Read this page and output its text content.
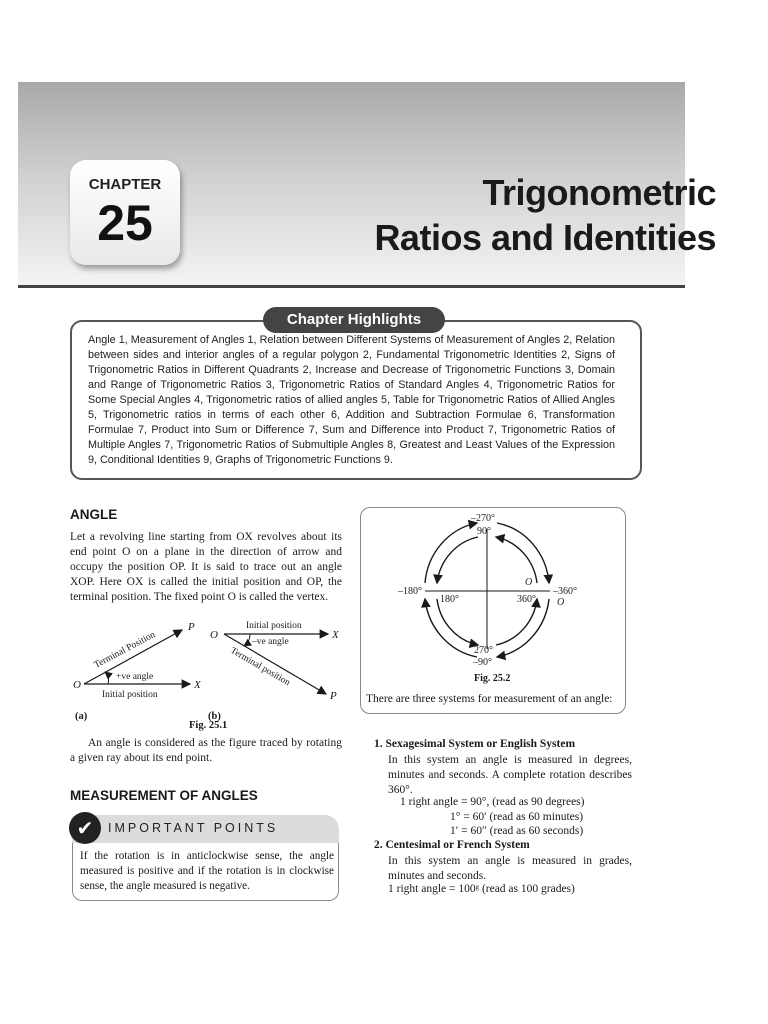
CHAPTER
25
Trigonometric
Ratios and Identities
Chapter Highlights
Angle 1, Measurement of Angles 1, Relation between Different Systems of Measurement of Angles 2, Relation between sides and interior angles of a regular polygon 2, Fundamental Trigonometric Identities 2, Signs of Trigonometric Ratios in Different Quadrants 2, Increase and Decrease of Trigonometric Functions 3, Domain and Range of Trigonometric Ratios 3, Trigonometric Ratios of Standard Angles 4, Trigonometric Ratios for Some Special Angles 4, Trigonometric ratios of allied angles 5, Table for Trigonometric Ratios of Allied Angles 5, Trigonometric ratios in terms of each other 6, Addition and Subtraction Formulae 6, Transformation Formulae 7, Product into Sum or Difference 7, Sum and Difference into Product 7, Trigonometric Ratios of Multiple Angles 7, Trigonometric Ratios of Submultiple Angles 8, Greatest and Least Values of the Expression 9, Conditional Identities 9, Graphs of Trigonometric Functions 9.
ANGLE
Let a revolving line starting from OX revolves about its end point O on a plane in the direction of arrow and occupy the position OP. It is said to trace out an angle XOP. Here OX is called the initial position and OP, the terminal position. The fixed point O is called the vertex.
O
P
X
Terminal Position
+ve angle
Initial position
(a)
O	X
P
Initial position
–ve angle
Terminal position
(b)
Fig. 25.1
An angle is considered as the figure traced by rotating a given ray about its end point.
MEASUREMENT OF ANGLES
✔	IMPORTANT POINTS
If the rotation is in anticlockwise sense, the angle measured is positive and if the rotation is in clockwise sense, the angle measured is negative.
–270°
90°
–180°
180°
O
360°
–360°
O
270°
–90°
Fig. 25.2
There are three systems for measurement of an angle:
1. Sexagesimal System or English System
In this system an angle is measured in degrees, minutes and seconds. A complete rotation describes 360°.
1 right angle = 90°, (read as 90 degrees)
1° = 60′ (read as 60 minutes)
1′ = 60″ (read as 60 seconds)
2. Centesimal or French System
In this system an angle is measured in grades, minutes and seconds.
1 right angle = 100ᵍ (read as 100 grades)
